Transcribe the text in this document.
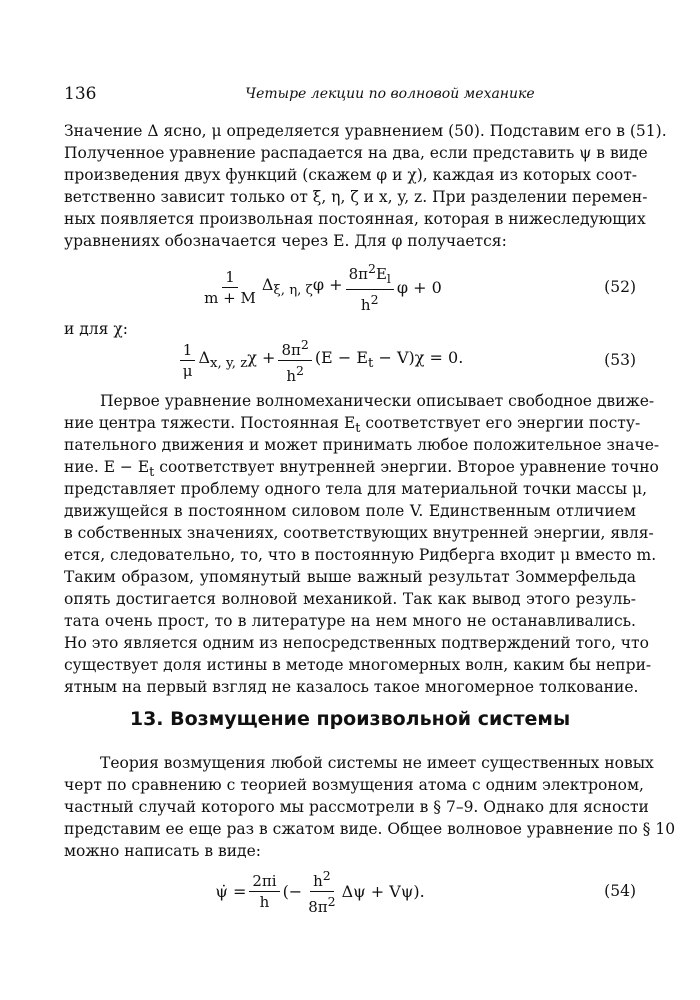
136	Четыре лекции по волновой механике
Значение Δ ясно, μ определяется уравнением (50). Подставим его в (51).
Полученное уравнение распадается на два, если представить ψ в виде
произведения двух функций (скажем φ и χ), каждая из которых соот-
ветственно зависит только от ξ, η, ζ и x, y, z. При разделении перемен-
ных появляется произвольная постоянная, которая в нижеследующих
уравнениях обозначается через E. Для φ получается:
$\frac{1}{m + M} \Delta_{\xi, \eta, \zeta}\varphi + \frac{8\pi^2E_l}{h^2}$ φ + 0	(52)
и для χ:
$\frac{1}{\mu} \Delta_{x, y, z}\chi + \frac{8\pi^2}{h^2} (E - E_t - V)\chi = 0$.	(53)
Первое уравнение волномеханически описывает свободное движе-
ние центра тяжести. Постоянная $E_t$ соответствует его энергии посту-
пательного движения и может принимать любое положительное значе-
ние. $E - E_t$ соответствует внутренней энергии. Второе уравнение точно
представляет проблему одного тела для материальной точки массы μ,
движущейся в постоянном силовом поле V. Единственным отличием
в собственных значениях, соответствующих внутренней энергии, явля-
ется, следовательно, то, что в постоянную Ридберга входит μ вместо m.
Таким образом, упомянутый выше важный результат Зоммерфельда
опять достигается волновой механикой. Так как вывод этого резуль-
тата очень прост, то в литературе на нем много не останавливались.
Но это является одним из непосредственных подтверждений того, что
существует доля истины в методе многомерных волн, каким бы непри-
ятным на первый взгляд не казалось такое многомерное толкование.
13. Возмущение произвольной системы
Теория возмущения любой системы не имеет существенных новых
черт по сравнению с теорией возмущения атома с одним электроном,
частный случай которого мы рассмотрели в § 7–9. Однако для ясности
представим ее еще раз в сжатом виде. Общее волновое уравнение по § 10
можно написать в виде:
ψ̇ = $\frac{2\pi i}{h}$ (− $\frac{h^2}{8\pi^2}$ Δψ + Vψ).	(54)
